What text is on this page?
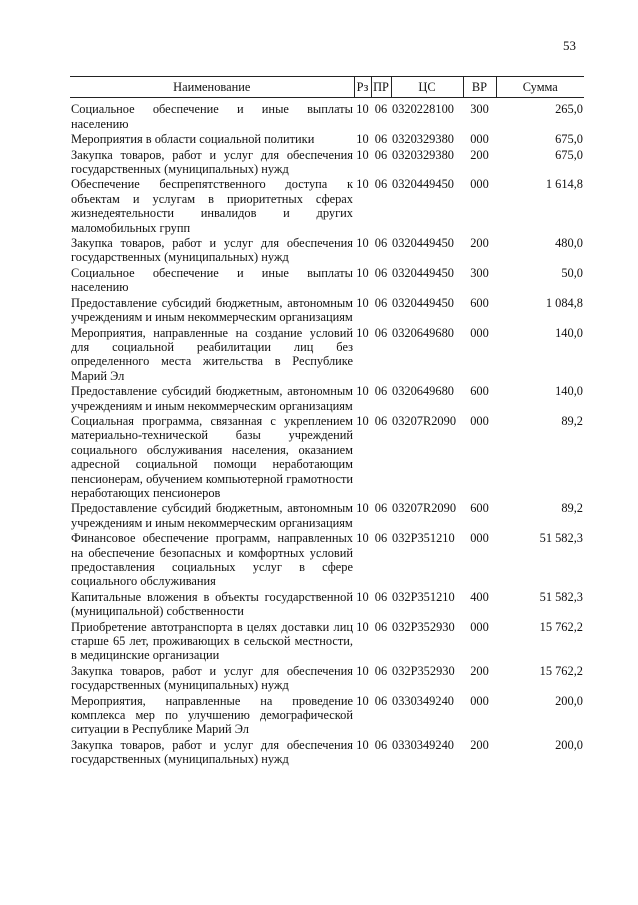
53
Наименование	Рз	ПР	ЦС	ВР	Сумма

Социальное обеспечение и иные выплаты населению	10	06	0320228100	300	265,0
Мероприятия в области социальной политики	10	06	0320329380	000	675,0
Закупка товаров, работ и услуг для обеспечения государственных (муниципальных) нужд	10	06	0320329380	200	675,0
Обеспечение беспрепятственного доступа к объектам и услугам в приоритетных сферах жизнедеятельности инвалидов и других маломобильных групп	10	06	0320449450	000	1 614,8
Закупка товаров, работ и услуг для обеспечения государственных (муниципальных) нужд	10	06	0320449450	200	480,0
Социальное обеспечение и иные выплаты населению	10	06	0320449450	300	50,0
Предоставление субсидий бюджетным, автономным учреждениям и иным некоммерческим организациям	10	06	0320449450	600	1 084,8
Мероприятия, направленные на создание условий для социальной реабилитации лиц без определенного места жительства в Республике Марий Эл	10	06	0320649680	000	140,0
Предоставление субсидий бюджетным, автономным учреждениям и иным некоммерческим организациям	10	06	0320649680	600	140,0
Социальная программа, связанная с укреплением материально-технической базы учреждений социального обслуживания населения, оказанием адресной социальной помощи неработающим пенсионерам, обучением компьютерной грамотности неработающих пенсионеров	10	06	03207R2090	000	89,2
Предоставление субсидий бюджетным, автономным учреждениям и иным некоммерческим организациям	10	06	03207R2090	600	89,2
Финансовое обеспечение программ, направленных на обеспечение безопасных и комфортных условий предоставления социальных услуг в сфере социального обслуживания	10	06	032P351210	000	51 582,3
Капитальные вложения в объекты государственной (муниципальной) собственности	10	06	032P351210	400	51 582,3
Приобретение автотранспорта в целях доставки лиц старше 65 лет, проживающих в сельской местности, в медицинские организации	10	06	032P352930	000	15 762,2
Закупка товаров, работ и услуг для обеспечения государственных (муниципальных) нужд	10	06	032P352930	200	15 762,2
Мероприятия, направленные на проведение комплекса мер по улучшению демографической ситуации в Республике Марий Эл	10	06	0330349240	000	200,0
Закупка товаров, работ и услуг для обеспечения государственных (муниципальных) нужд	10	06	0330349240	200	200,0
